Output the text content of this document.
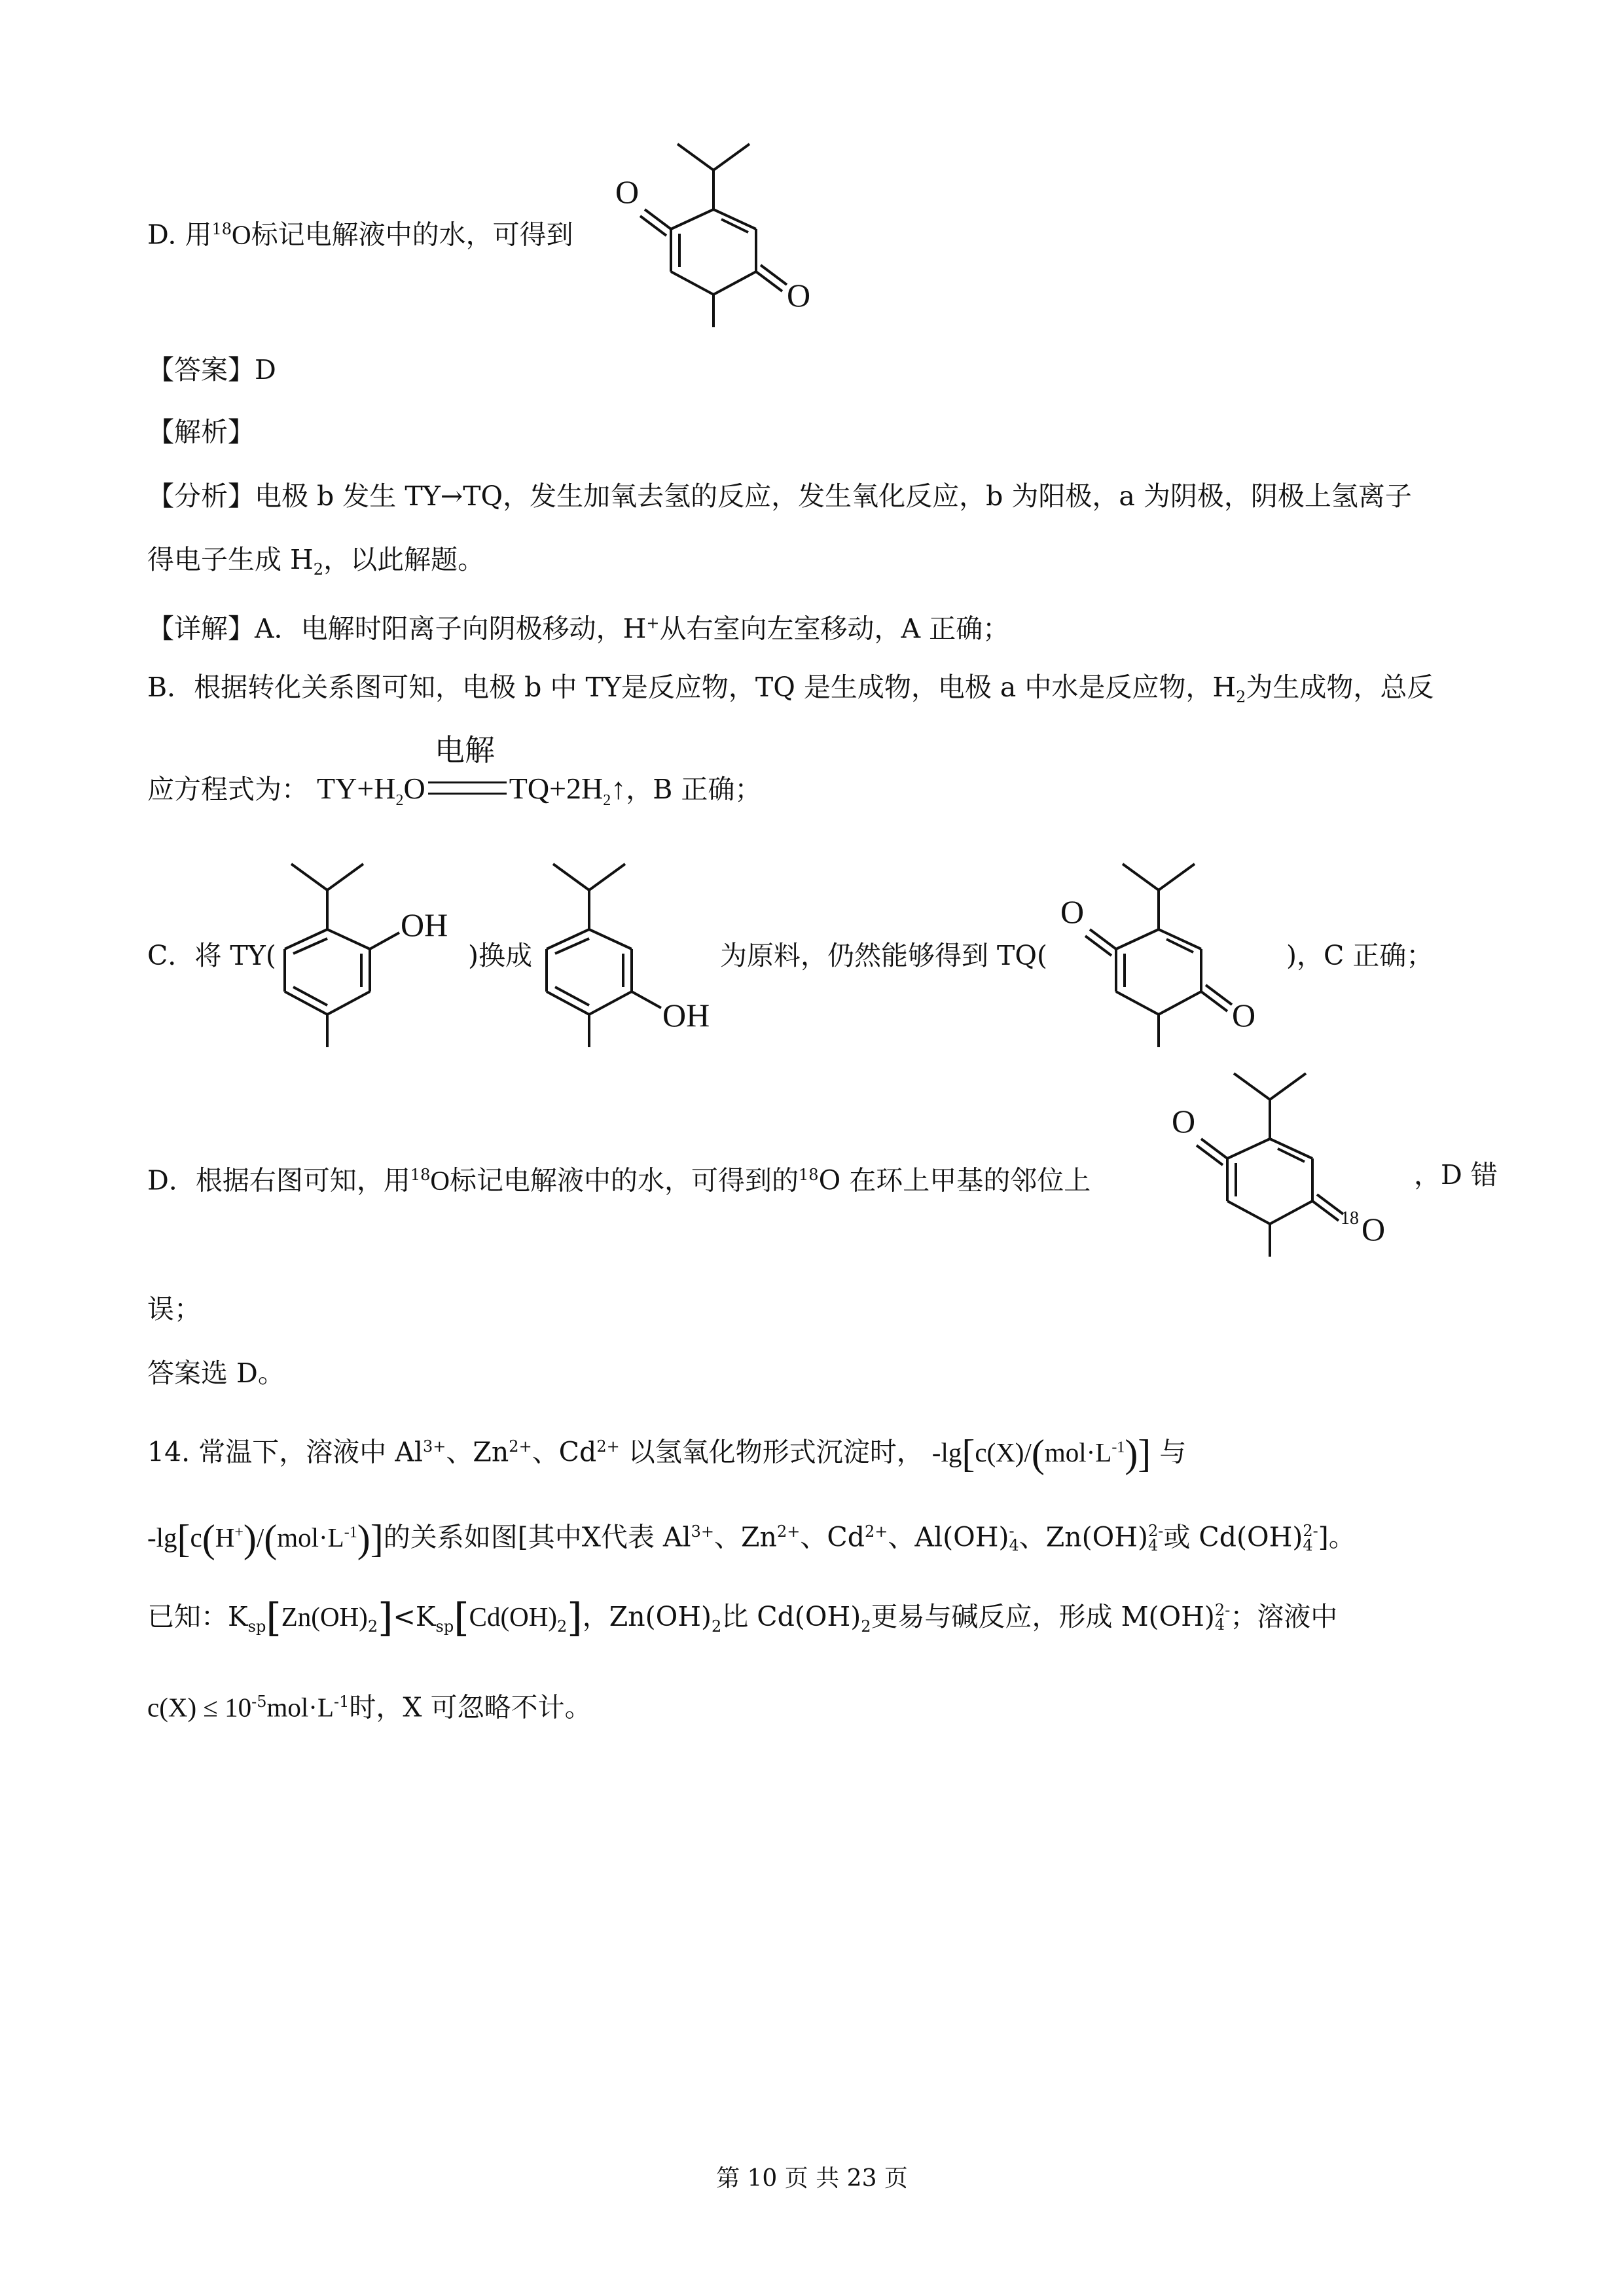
D. 用$^{18}$O标记电解液中的水，可得到
O
O
【答案】D
【解析】
【分析】电极 b 发生 TY→TQ，发生加氧去氢的反应，发生氧化反应，b 为阳极，a 为阴极，阴极上氢离子
得电子生成 $H_2$，以此解题。
【详解】A．电解时阳离子向阴极移动，H+从右室向左室移动，A 正确；
B．根据转化关系图可知，电极 b 中 TY是反应物，TQ 是生成物，电极 a 中水是反应物，$H_2$为生成物，总反
应方程式为：
电解
$TY+H_2O$	$TQ+2H_2↑$，B 正确；
C．将 TY(
OH
)换成
OH
为原料，仍然能够得到 TQ(
O
O
)，C 正确；
D．根据右图可知，用$^{18}$O标记电解液中的水，可得到的$^{18}$O 在环上甲基的邻位上
O
18 O
，D 错
误；
答案选 D。
14. 常温下，溶液中 $Al^{3+}$、$Zn^{2+}$、$Cd^{2+}$ 以氢氧化物形式沉淀时， $-\lg[c(X)/(mol\cdot L^{-1})]$ 与
$-\lg[c(H^+)/(mol\cdot L^{-1})]$的关系如图[其中X代表 $Al^{3+}$、$Zn^{2+}$、$Cd^{2+}$、Al(OH) -
4 、Zn(OH) 2-
4 或 Cd(OH) 2-
4 ]。
已知：$K_{sp}[Zn(OH)_2]<K_{sp}[Cd(OH)_2]$，$Zn(OH)_2$比 $Cd(OH)_2$更易与碱反应，形成 M(OH) 2-
4 ；溶液中
$c(X) \le 10^{-5}mol\cdot L^{-1}$时，X 可忽略不计。
第 10 页 共 23 页
